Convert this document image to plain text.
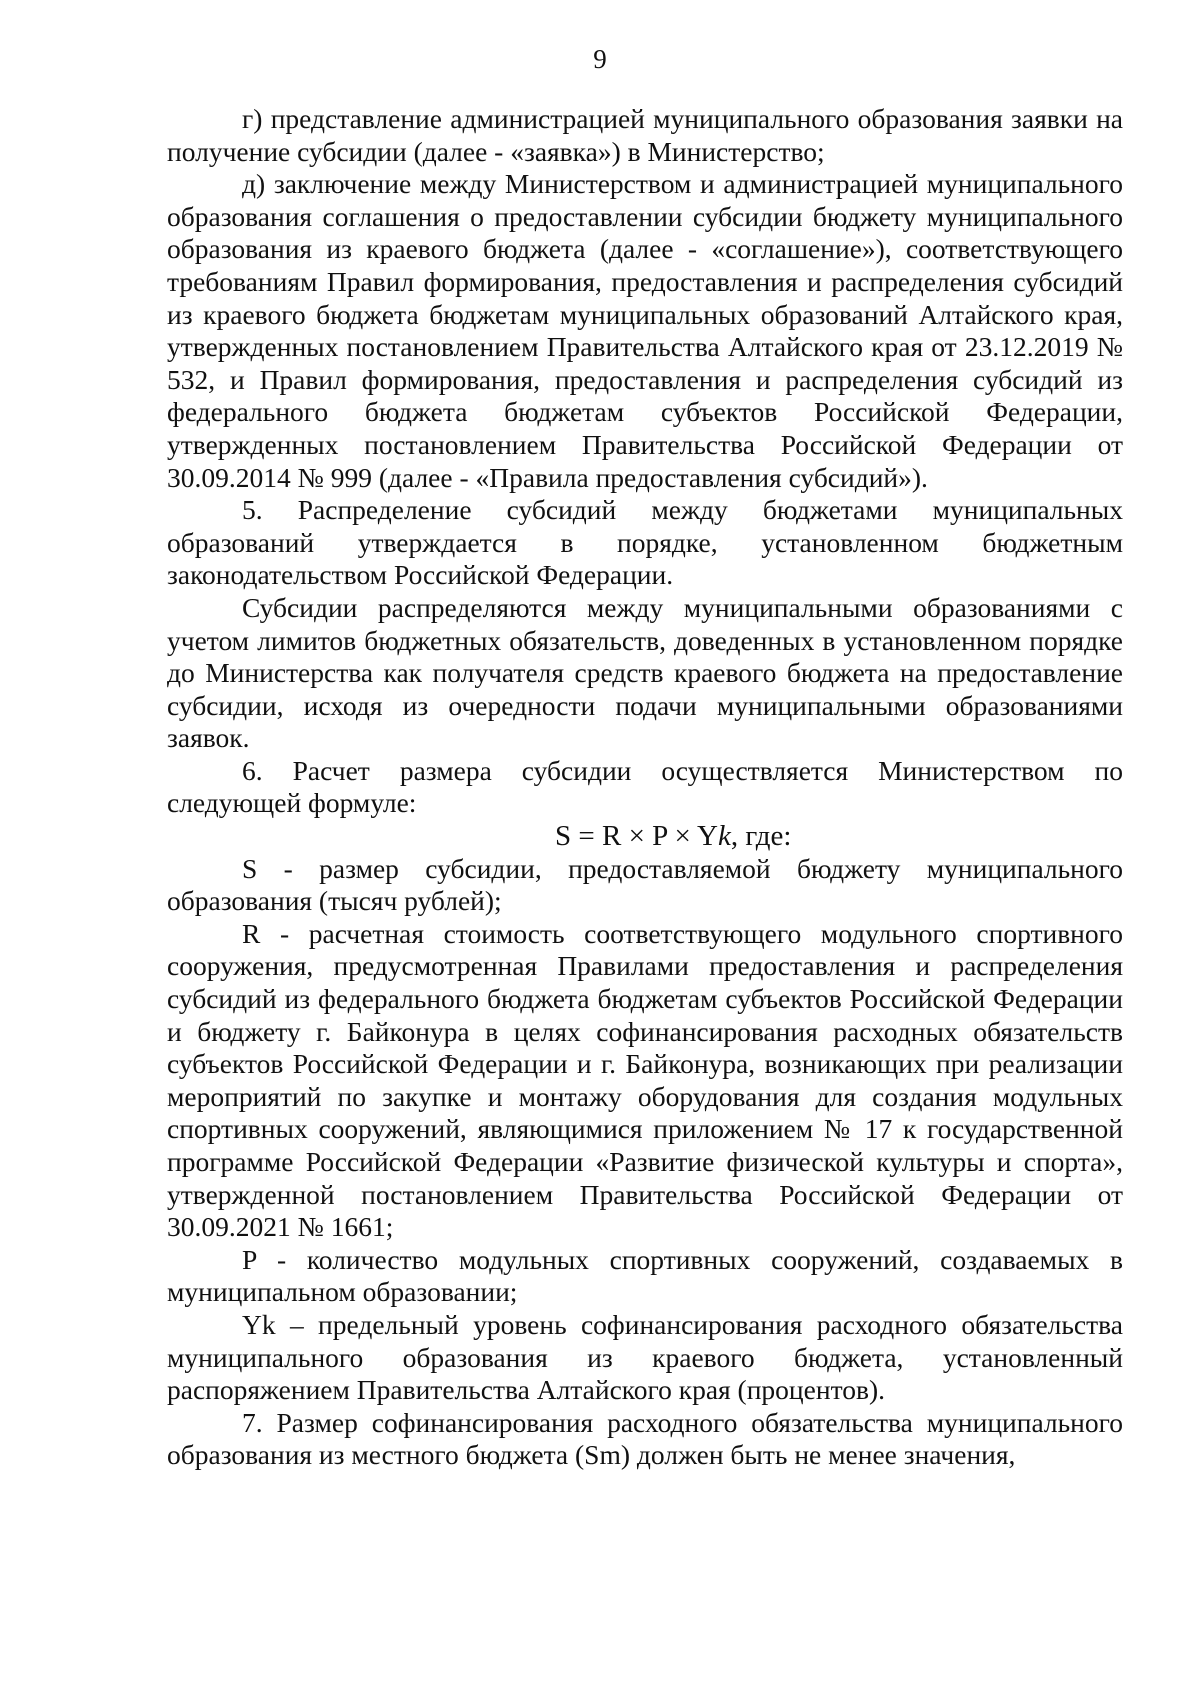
9

г) представление администрацией муниципального образования заявки на получение субсидии (далее - «заявка») в Министерство;

д) заключение между Министерством и администрацией муниципального образования соглашения о предоставлении субсидии бюджету муниципального образования из краевого бюджета (далее - «соглашение»), соответствующего требованиям Правил формирования, предоставления и распределения субсидий из краевого бюджета бюджетам муниципальных образований Алтайского края, утвержденных постановлением Правительства Алтайского края от 23.12.2019 № 532, и Правил формирования, предоставления и распределения субсидий из федерального бюджета бюджетам субъектов Российской Федерации, утвержденных постановлением Правительства Российской Федерации от 30.09.2014 № 999 (далее - «Правила предоставления субсидий»).

5. Распределение субсидий между бюджетами муниципальных образований утверждается в порядке, установленном бюджетным законодательством Российской Федерации.

Субсидии распределяются между муниципальными образованиями с учетом лимитов бюджетных обязательств, доведенных в установленном порядке до Министерства как получателя средств краевого бюджета на предоставление субсидии, исходя из очередности подачи муниципальными образованиями заявок.

6. Расчет размера субсидии осуществляется Министерством по следующей формуле:

S = R × P × Yk, где:

S - размер субсидии, предоставляемой бюджету муниципального образования (тысяч рублей);

R - расчетная стоимость соответствующего модульного спортивного сооружения, предусмотренная Правилами предоставления и распределения субсидий из федерального бюджета бюджетам субъектов Российской Федерации и бюджету г. Байконура в целях софинансирования расходных обязательств субъектов Российской Федерации и г. Байконура, возникающих при реализации мероприятий по закупке и монтажу оборудования для создания модульных спортивных сооружений, являющимися приложением № 17 к государственной программе Российской Федерации «Развитие физической культуры и спорта», утвержденной постановлением Правительства Российской Федерации от 30.09.2021 № 1661;

P - количество модульных спортивных сооружений, создаваемых в муниципальном образовании;

Yk – предельный уровень софинансирования расходного обязательства муниципального образования из краевого бюджета, установленный распоряжением Правительства Алтайского края (процентов).

7. Размер софинансирования расходного обязательства муниципального образования из местного бюджета (Sm) должен быть не менее значения,
